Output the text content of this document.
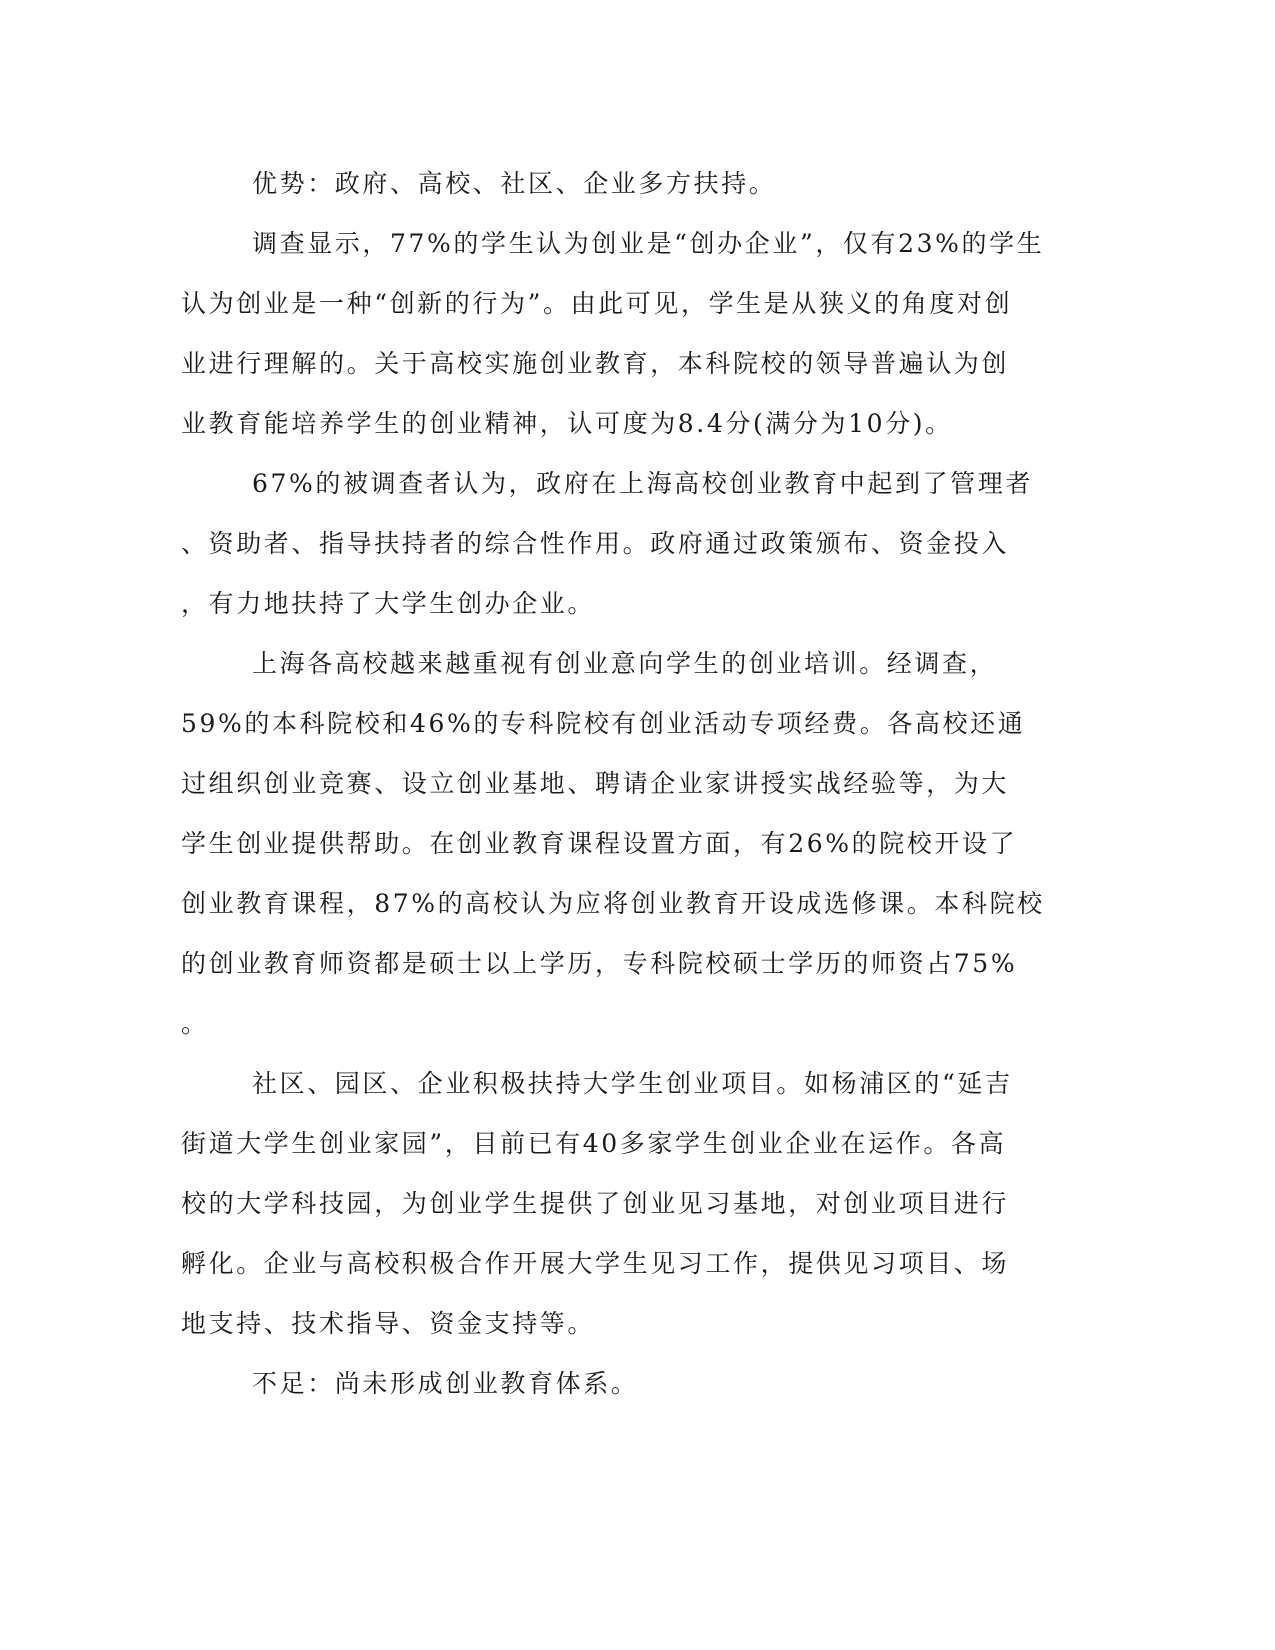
优势：政府、高校、社区、企业多方扶持。
调查显示，77%的学生认为创业是“创办企业”，仅有23%的学生
认为创业是一种“创新的行为”。由此可见，学生是从狭义的角度对创
业进行理解的。关于高校实施创业教育，本科院校的领导普遍认为创
业教育能培养学生的创业精神，认可度为8.4分(满分为10分)。
67%的被调查者认为，政府在上海高校创业教育中起到了管理者
、资助者、指导扶持者的综合性作用。政府通过政策颁布、资金投入
，有力地扶持了大学生创办企业。
上海各高校越来越重视有创业意向学生的创业培训。经调查，
59%的本科院校和46%的专科院校有创业活动专项经费。各高校还通
过组织创业竞赛、设立创业基地、聘请企业家讲授实战经验等，为大
学生创业提供帮助。在创业教育课程设置方面，有26%的院校开设了
创业教育课程，87%的高校认为应将创业教育开设成选修课。本科院校
的创业教育师资都是硕士以上学历，专科院校硕士学历的师资占75%
。
社区、园区、企业积极扶持大学生创业项目。如杨浦区的“延吉
街道大学生创业家园”，目前已有40多家学生创业企业在运作。各高
校的大学科技园，为创业学生提供了创业见习基地，对创业项目进行
孵化。企业与高校积极合作开展大学生见习工作，提供见习项目、场
地支持、技术指导、资金支持等。
不足：尚未形成创业教育体系。
